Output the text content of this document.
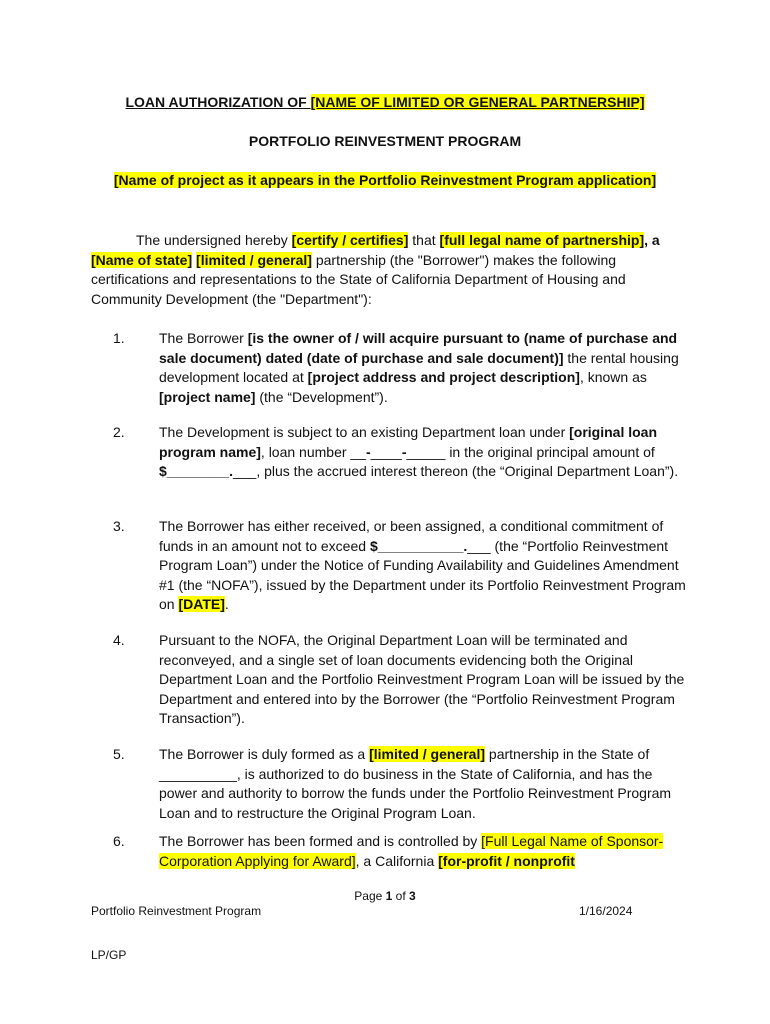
LOAN AUTHORIZATION OF [NAME OF LIMITED OR GENERAL PARTNERSHIP]

PORTFOLIO REINVESTMENT PROGRAM

[Name of project as it appears in the Portfolio Reinvestment Program application]

The undersigned hereby [certify / certifies] that [full legal name of partnership], a [Name of state] [limited / general] partnership (the "Borrower") makes the following certifications and representations to the State of California Department of Housing and Community Development (the "Department"):

1. The Borrower [is the owner of / will acquire pursuant to (name of purchase and sale document) dated (date of purchase and sale document)] the rental housing development located at [project address and project description], known as [project name] (the “Development”).

2. The Development is subject to an existing Department loan under [original loan program name], loan number __-____-_____ in the original principal amount of $________.___, plus the accrued interest thereon (the “Original Department Loan”).

3. The Borrower has either received, or been assigned, a conditional commitment of funds in an amount not to exceed $___________.___ (the “Portfolio Reinvestment Program Loan”) under the Notice of Funding Availability and Guidelines Amendment #1 (the “NOFA”), issued by the Department under its Portfolio Reinvestment Program on [DATE].

4. Pursuant to the NOFA, the Original Department Loan will be terminated and reconveyed, and a single set of loan documents evidencing both the Original Department Loan and the Portfolio Reinvestment Program Loan will be issued by the Department and entered into by the Borrower (the “Portfolio Reinvestment Program Transaction”).

5. The Borrower is duly formed as a [limited / general] partnership in the State of __________, is authorized to do business in the State of California, and has the power and authority to borrow the funds under the Portfolio Reinvestment Program Loan and to restructure the Original Program Loan.

6. The Borrower has been formed and is controlled by [Full Legal Name of Sponsor-Corporation Applying for Award], a California [for-profit / nonprofit

Page 1 of 3
Portfolio Reinvestment Program	1/16/2024
LP/GP
